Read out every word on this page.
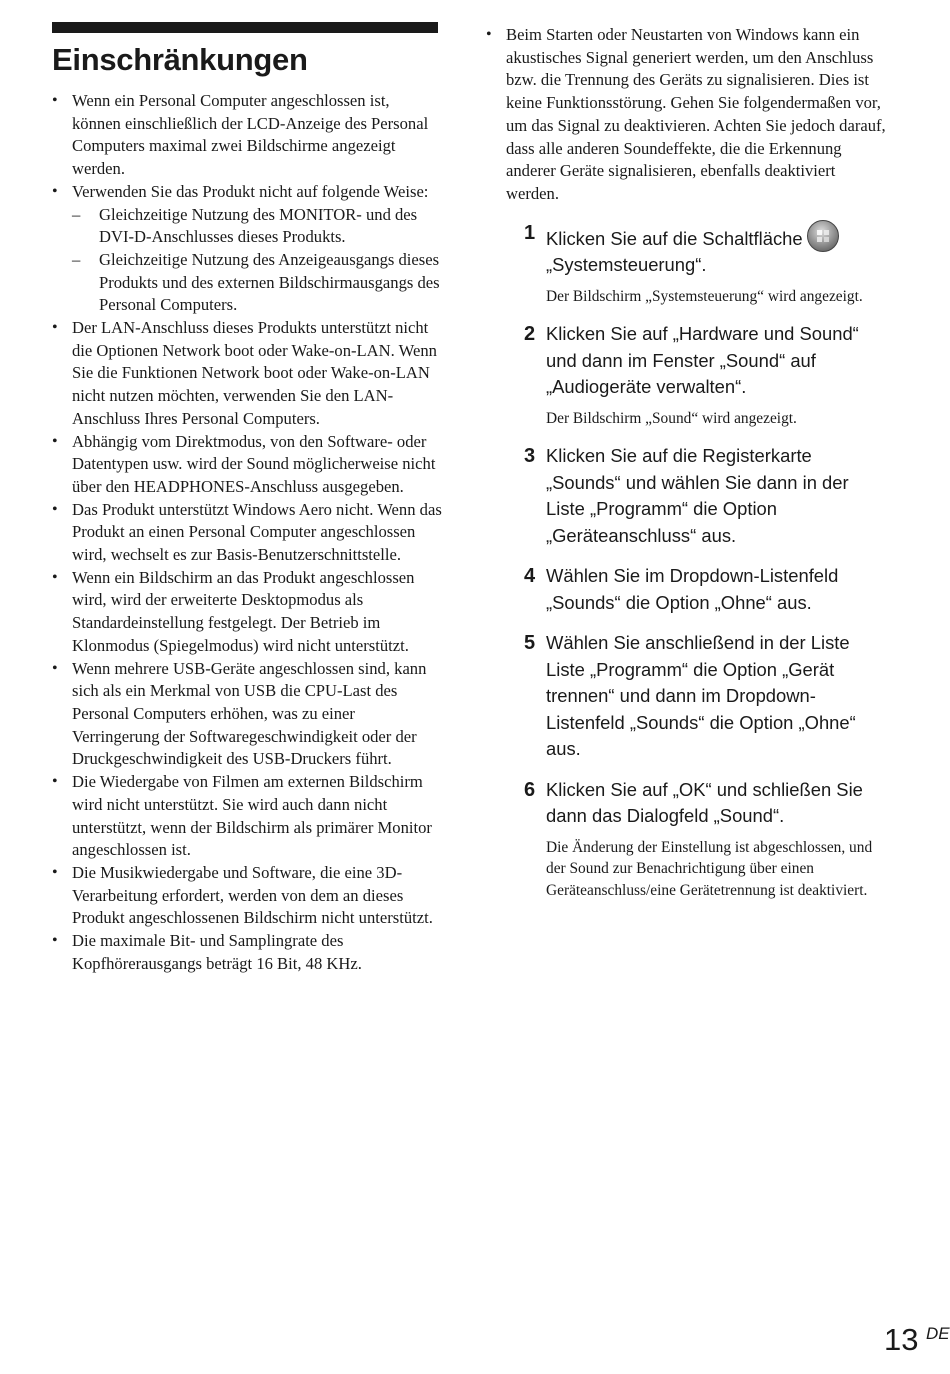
Einschränkungen
• Wenn ein Personal Computer angeschlossen ist, können einschließlich der LCD-Anzeige des Personal Computers maximal zwei Bildschirme angezeigt werden.
• Verwenden Sie das Produkt nicht auf folgende Weise:
– Gleichzeitige Nutzung des MONITOR- und des DVI-D-Anschlusses dieses Produkts.
– Gleichzeitige Nutzung des Anzeigeausgangs dieses Produkts und des externen Bildschirmausgangs des Personal Computers.
• Der LAN-Anschluss dieses Produkts unterstützt nicht die Optionen Network boot oder Wake-on-LAN. Wenn Sie die Funktionen Network boot oder Wake-on-LAN nicht nutzen möchten, verwenden Sie den LAN-Anschluss Ihres Personal Computers.
• Abhängig vom Direktmodus, von den Software- oder Datentypen usw. wird der Sound möglicherweise nicht über den HEADPHONES-Anschluss ausgegeben.
• Das Produkt unterstützt Windows Aero nicht. Wenn das Produkt an einen Personal Computer angeschlossen wird, wechselt es zur Basis-Benutzerschnittstelle.
• Wenn ein Bildschirm an das Produkt angeschlossen wird, wird der erweiterte Desktopmodus als Standardeinstellung festgelegt. Der Betrieb im Klonmodus (Spiegelmodus) wird nicht unterstützt.
• Wenn mehrere USB-Geräte angeschlossen sind, kann sich als ein Merkmal von USB die CPU-Last des Personal Computers erhöhen, was zu einer Verringerung der Softwaregeschwindigkeit oder der Druckgeschwindigkeit des USB-Druckers führt.
• Die Wiedergabe von Filmen am externen Bildschirm wird nicht unterstützt. Sie wird auch dann nicht unterstützt, wenn der Bildschirm als primärer Monitor angeschlossen ist.
• Die Musikwiedergabe und Software, die eine 3D-Verarbeitung erfordert, werden von dem an dieses Produkt angeschlossenen Bildschirm nicht unterstützt.
• Die maximale Bit- und Samplingrate des Kopfhörerausgangs beträgt 16 Bit, 48 KHz.
• Beim Starten oder Neustarten von Windows kann ein akustisches Signal generiert werden, um den Anschluss bzw. die Trennung des Geräts zu signalisieren. Dies ist keine Funktionsstörung. Gehen Sie folgendermaßen vor, um das Signal zu deaktivieren. Achten Sie jedoch darauf, dass alle anderen Soundeffekte, die die Erkennung anderer Geräte signalisieren, ebenfalls deaktiviert werden.
1 Klicken Sie auf die Schaltfläche
„Systemsteuerung“.
Der Bildschirm „Systemsteuerung“ wird angezeigt.
2 Klicken Sie auf „Hardware und Sound“ und dann im Fenster „Sound“ auf „Audiogeräte verwalten“.
Der Bildschirm „Sound“ wird angezeigt.
3 Klicken Sie auf die Registerkarte „Sounds“ und wählen Sie dann in der Liste „Programm“ die Option „Geräteanschluss“ aus.
4 Wählen Sie im Dropdown-Listenfeld „Sounds“ die Option „Ohne“ aus.
5 Wählen Sie anschließend in der Liste Liste „Programm“ die Option „Gerät trennen“ und dann im Dropdown-Listenfeld „Sounds“ die Option „Ohne“ aus.
6 Klicken Sie auf „OK“ und schließen Sie dann das Dialogfeld „Sound“.
Die Änderung der Einstellung ist abgeschlossen, und der Sound zur Benachrichtigung über einen Geräteanschluss/eine Gerätetrennung ist deaktiviert.
13 DE
